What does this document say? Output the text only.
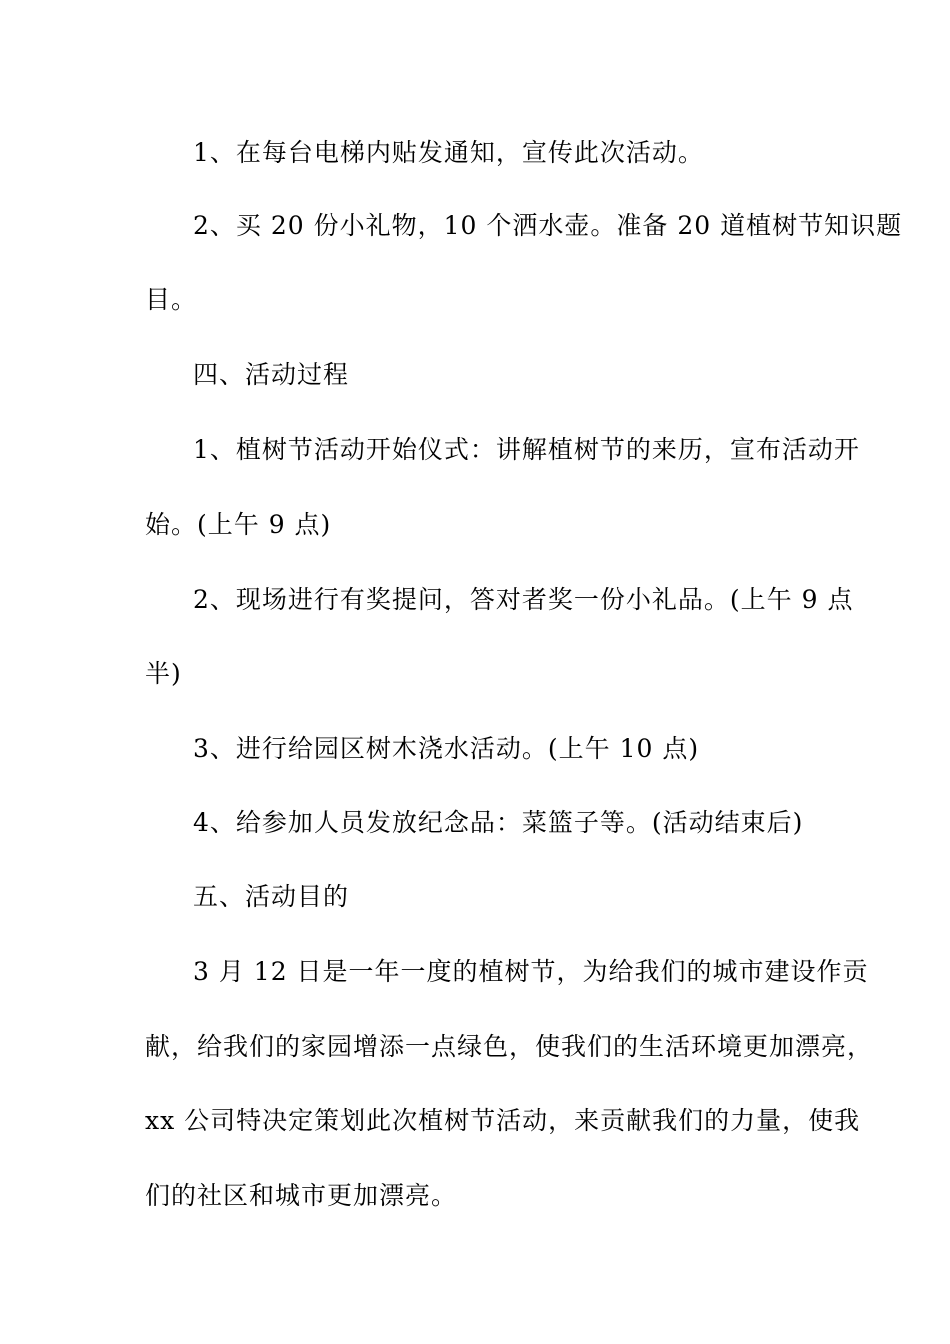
1、在每台电梯内贴发通知，宣传此次活动。
2、买 20 份小礼物，10 个洒水壶。准备 20 道植树节知识题
目。
四、活动过程
1、植树节活动开始仪式：讲解植树节的来历，宣布活动开
始。(上午 9 点)
2、现场进行有奖提问，答对者奖一份小礼品。(上午 9 点
半)
3、进行给园区树木浇水活动。(上午 10 点)
4、给参加人员发放纪念品：菜篮子等。(活动结束后)
五、活动目的
3 月 12 日是一年一度的植树节，为给我们的城市建设作贡
献，给我们的家园增添一点绿色，使我们的生活环境更加漂亮，
xx 公司特决定策划此次植树节活动，来贡献我们的力量，使我
们的社区和城市更加漂亮。
